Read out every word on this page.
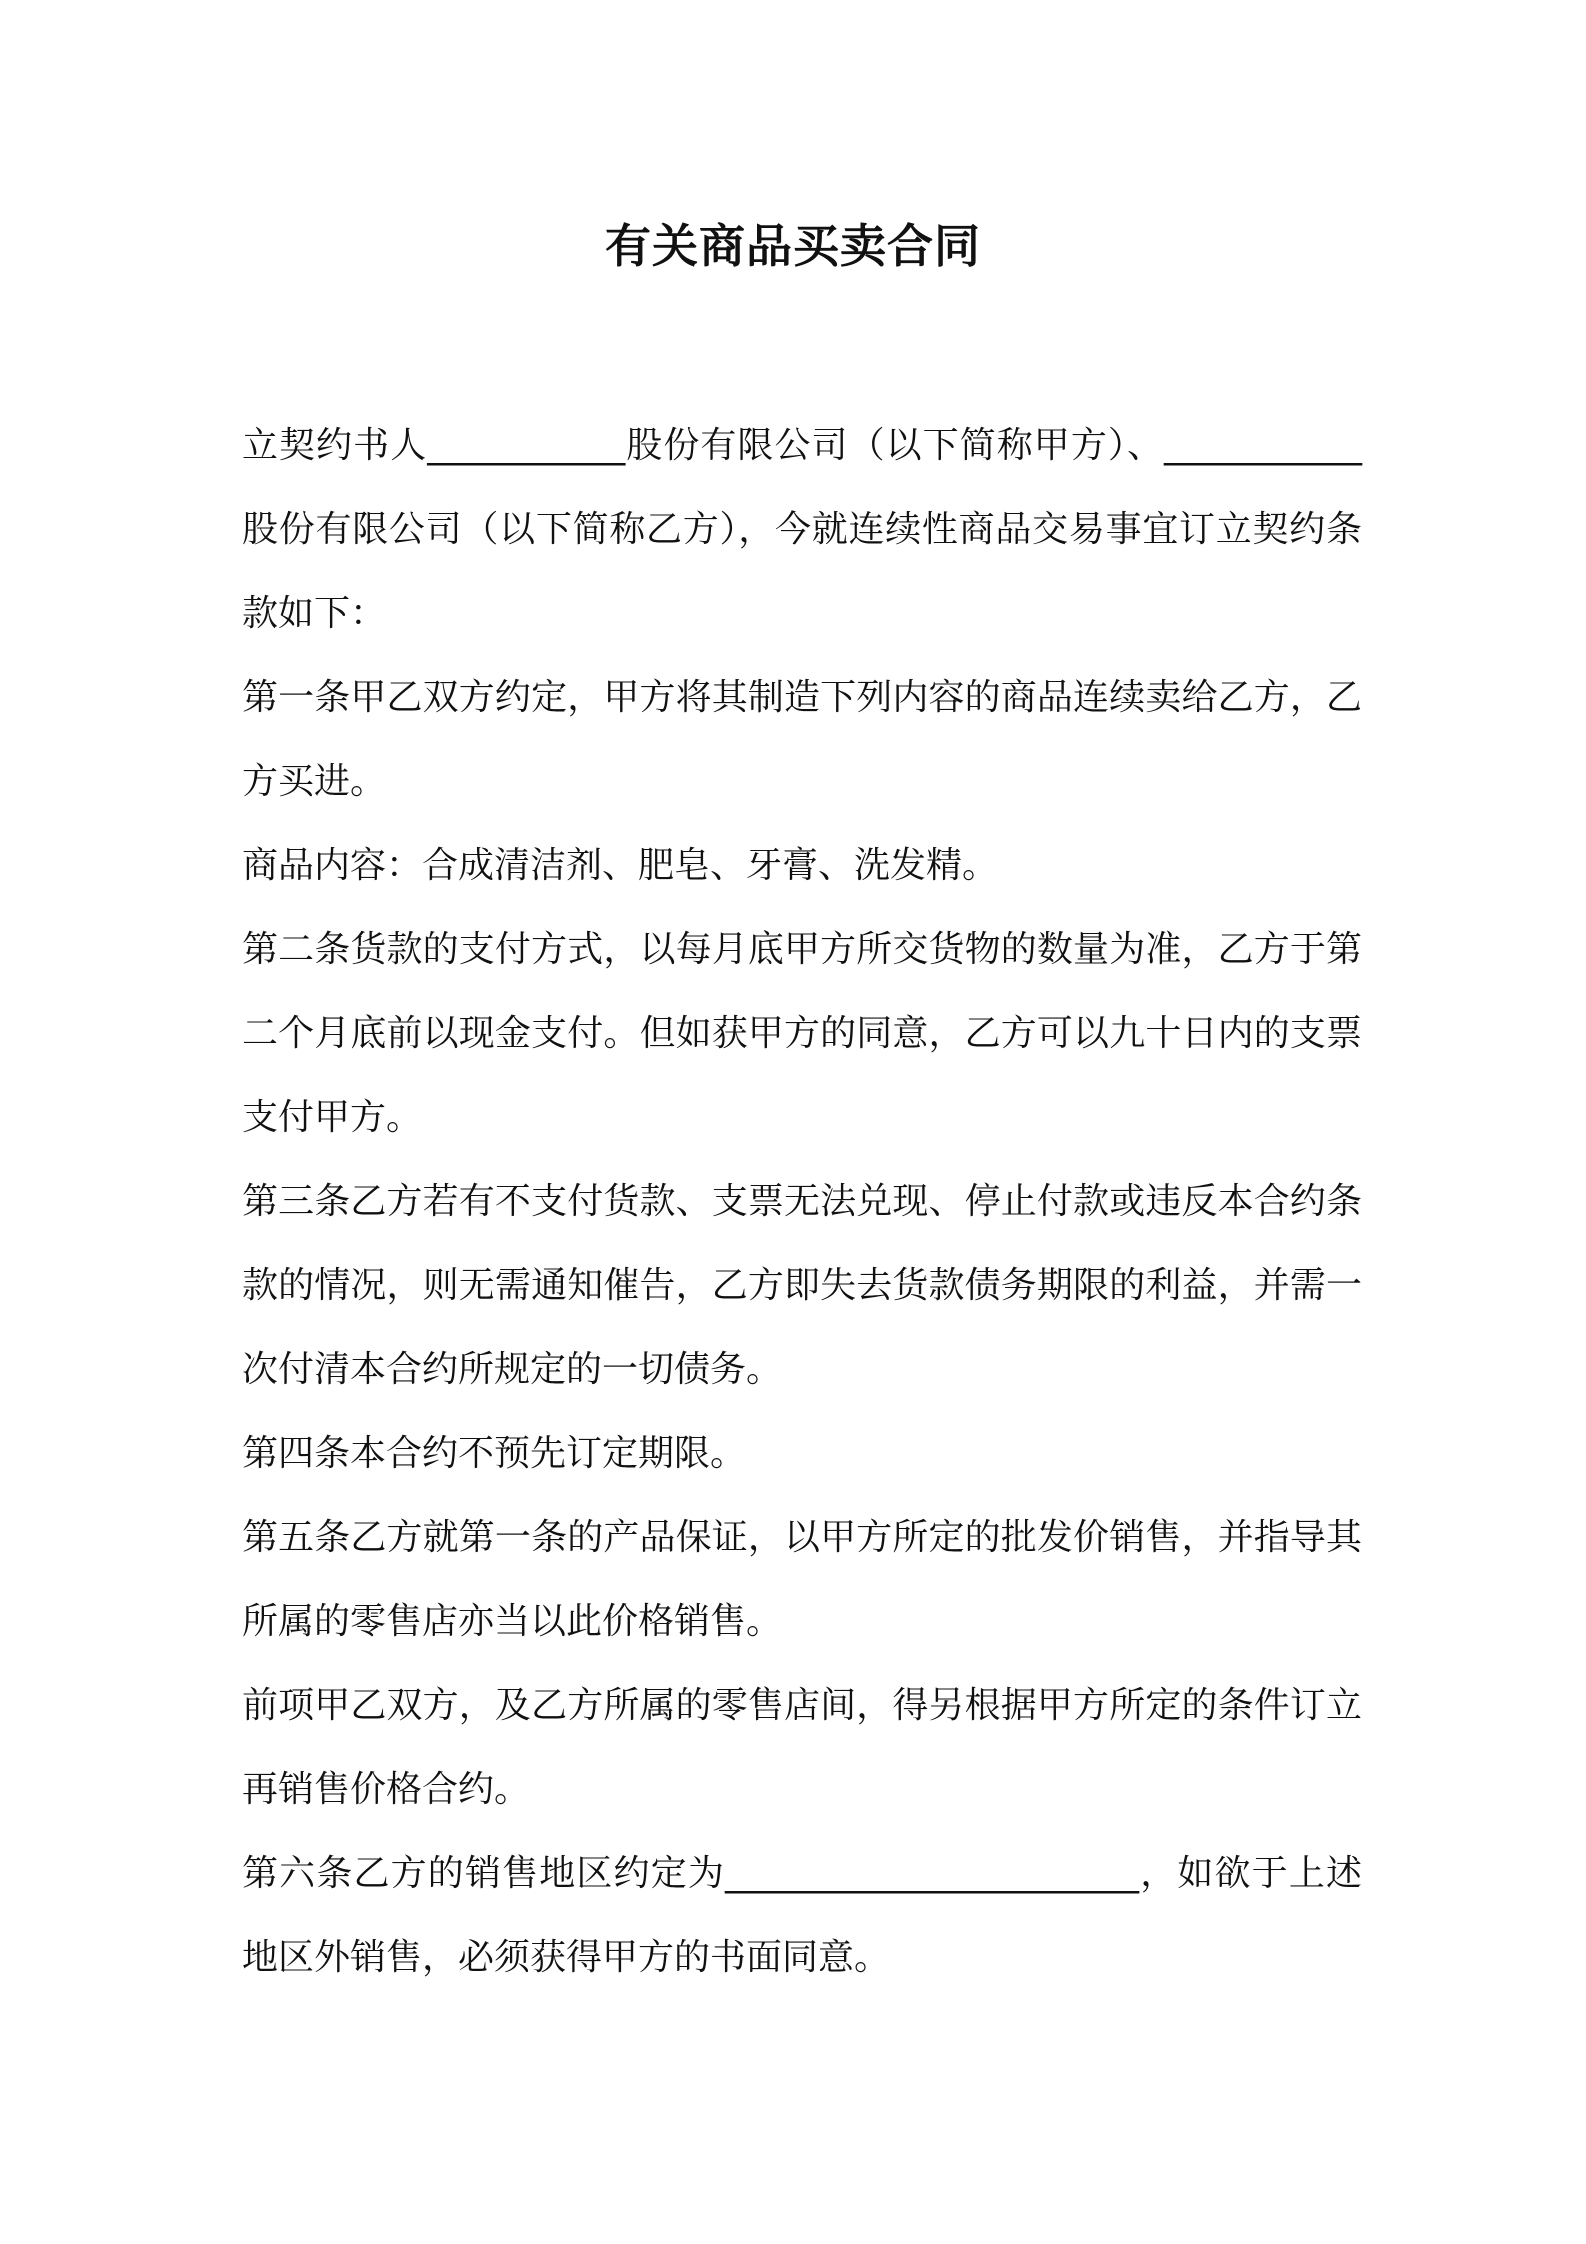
有关商品买卖合同

立契约书人___________股份有限公司（以下简称甲方）、___________股份有限公司（以下简称乙方），今就连续性商品交易事宜订立契约条款如下：

第一条甲乙双方约定，甲方将其制造下列内容的商品连续卖给乙方，乙方买进。

商品内容：合成清洁剂、肥皂、牙膏、洗发精。

第二条货款的支付方式，以每月底甲方所交货物的数量为准，乙方于第二个月底前以现金支付。但如获甲方的同意，乙方可以九十日内的支票支付甲方。

第三条乙方若有不支付货款、支票无法兑现、停止付款或违反本合约条款的情况，则无需通知催告，乙方即失去货款债务期限的利益，并需一次付清本合约所规定的一切债务。

第四条本合约不预先订定期限。

第五条乙方就第一条的产品保证，以甲方所定的批发价销售，并指导其所属的零售店亦当以此价格销售。

前项甲乙双方，及乙方所属的零售店间，得另根据甲方所定的条件订立再销售价格合约。

第六条乙方的销售地区约定为_______________________，如欲于上述地区外销售，必须获得甲方的书面同意。
